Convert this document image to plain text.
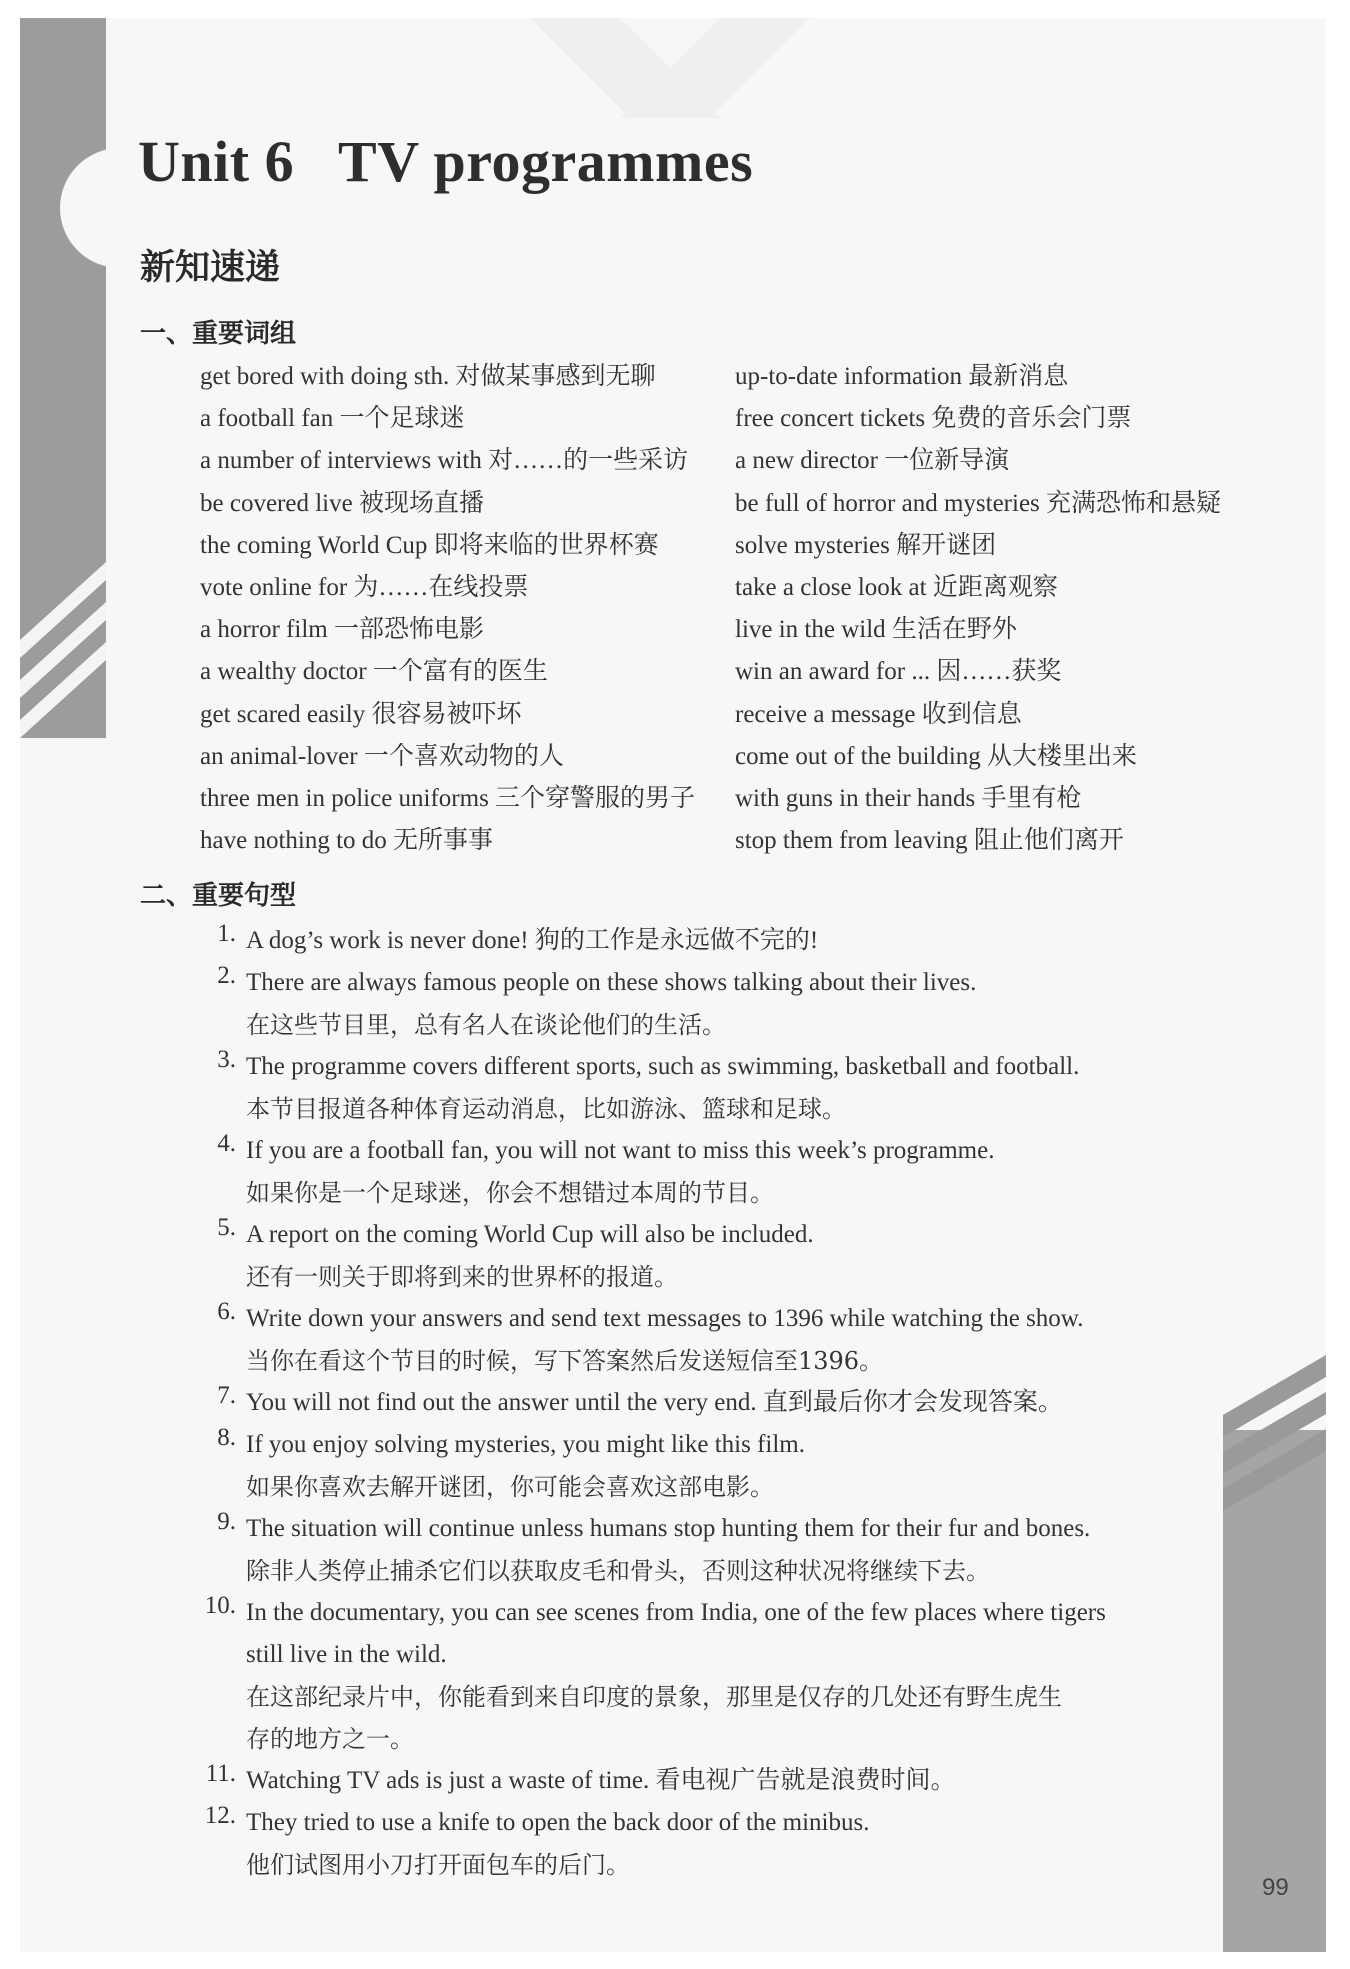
Unit 6   TV programmes
新知速递
一、重要词组
get bored with doing sth. 对做某事感到无聊
a football fan 一个足球迷
a number of interviews with 对……的一些采访
be covered live 被现场直播
the coming World Cup 即将来临的世界杯赛
vote online for 为……在线投票
a horror film 一部恐怖电影
a wealthy doctor 一个富有的医生
get scared easily 很容易被吓坏
an animal-lover 一个喜欢动物的人
three men in police uniforms 三个穿警服的男子
have nothing to do 无所事事
up-to-date information 最新消息
free concert tickets 免费的音乐会门票
a new director 一位新导演
be full of horror and mysteries 充满恐怖和悬疑
solve mysteries 解开谜团
take a close look at 近距离观察
live in the wild 生活在野外
win an award for ... 因……获奖
receive a message 收到信息
come out of the building 从大楼里出来
with guns in their hands 手里有枪
stop them from leaving 阻止他们离开
二、重要句型
1. A dog’s work is never done! 狗的工作是永远做不完的!
2. There are always famous people on these shows talking about their lives.
在这些节目里，总有名人在谈论他们的生活。
3. The programme covers different sports, such as swimming, basketball and football.
本节目报道各种体育运动消息，比如游泳、篮球和足球。
4. If you are a football fan, you will not want to miss this week’s programme.
如果你是一个足球迷，你会不想错过本周的节目。
5. A report on the coming World Cup will also be included.
还有一则关于即将到来的世界杯的报道。
6. Write down your answers and send text messages to 1396 while watching the show.
当你在看这个节目的时候，写下答案然后发送短信至1396。
7. You will not find out the answer until the very end. 直到最后你才会发现答案。
8. If you enjoy solving mysteries, you might like this film.
如果你喜欢去解开谜团，你可能会喜欢这部电影。
9. The situation will continue unless humans stop hunting them for their fur and bones.
除非人类停止捕杀它们以获取皮毛和骨头，否则这种状况将继续下去。
10. In the documentary, you can see scenes from India, one of the few places where tigers
still live in the wild.
在这部纪录片中，你能看到来自印度的景象，那里是仅存的几处还有野生虎生
存的地方之一。
11. Watching TV ads is just a waste of time. 看电视广告就是浪费时间。
12. They tried to use a knife to open the back door of the minibus.
他们试图用小刀打开面包车的后门。
99
